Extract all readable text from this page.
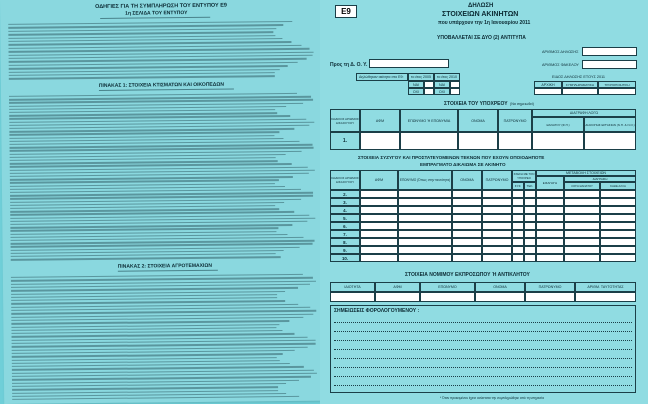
ΟΔΗΓΙΕΣ ΓΙΑ ΤΗ ΣΥΜΠΛΗΡΩΣΗ ΤΟΥ ΕΝΤΥΠΟΥ Ε9
1η ΣΕΛΙΔΑ ΤΟΥ ΕΝΤΥΠΟΥ
ΠΙΝΑΚΑΣ 1: ΣΤΟΙΧΕΙΑ ΚΤΙΣΜΑΤΩΝ ΚΑΙ ΟΙΚΟΠΕΔΩΝ
ΠΙΝΑΚΑΣ 2: ΣΤΟΙΧΕΙΑ ΑΓΡΟΤΕΜΑΧΙΩΝ
Ε9
ΔΗΛΩΣΗ
ΣΤΟΙΧΕΙΩΝ ΑΚΙΝΗΤΩΝ
που υπάρχουν την 1η Ιανουαρίου 2011
ΥΠΟΒΑΛΛΕΤΑΙ ΣΕ ΔΥΟ (2) ΑΝΤΙΤΥΠΑ
ΑΡΙΘΜΟΣ ΔΗΛΩΣΗΣ
ΑΡΙΘΜΟΣ ΦΑΚΕΛΟΥ
Προς τη Δ. Ο. Υ.
Δηλώθηκαν ακίνητα στο Ε9: το έτος 2005 το έτος 2010
ΝΑΙ	ΝΑΙ
ΟΧΙ	ΟΧΙ
ΕΙΔΟΣ ΔΗΛΩΣΗΣ ΕΤΟΥΣ 2011
ΑΡΧΙΚΗ	ΣΥΜΠΛΗΡΩΜΑΤΙΚΗ	ΤΡΟΠΟΠΟΙΗΤΙΚΗ
ΣΤΟΙΧΕΙΑ ΤΟΥ ΥΠΟΧΡΕΟΥ (Να σημειωθεί)
ΚΩΔΙΚΟΣ ΑΡΙΘΜΟΣ ΔΙΚΑΙΟΥΧΟΥ	ΑΦΜ	ΕΠΩΝΥΜΟ Ή ΕΠΩΝΥΜΙΑ	ΟΝΟΜΑ	ΠΑΤΡΩΝΥΜΟ
ΔΙΑΓΡΑΦΗ ΛΟΓΩ
ΘΑΝΑΤΟΥ (Φ.Π.)	ΔΙΑΚΟΠΗΣ ΕΡΓΑΣΙΩΝ (Ν.Π. & Ν.Ο.)
1.
ΣΤΟΙΧΕΙΑ ΣΥΖΥΓΟΥ ΚΑΙ ΠΡΟΣΤΑΤΕΥΟΜΕΝΩΝ ΤΕΚΝΩΝ ΠΟΥ ΕΧΟΥΝ ΟΠΟΙΟΔΗΠΟΤΕ
ΕΜΠΡΑΓΜΑΤΟ ΔΙΚΑΙΩΜΑ ΣΕ ΑΚΙΝΗΤΟ
ΚΩΔΙΚΟΣ ΑΡΙΘΜΟΣ ΔΙΚΑΙΟΥΧΟΥ	ΑΦΜ	ΕΠΩΝΥΜΟ (Όπως στην ταυτότητα)	ΟΝΟΜΑ	ΠΑΤΡΩΝΥΜΟ
ΣΧΕΣΗ ΜΕ ΤΟΝ ΥΠΟΧΡΕΟ
ΣΥΖ. ΤΕΚ.
ΜΕΤΑΒΟΛΗ ΣΤΟΙΧΕΙΩΝ
ΕΙΣΑΓΩΓΗ
ΔΙΑΓΡΑΦΗ
ΛΟΓΩ ΘΑΝΑΤΟΥ	ΚΑΘΕ ΑΛΛΑ
2.
3.
4.
5.
6.
7.
8.
9.
10.
ΣΤΟΙΧΕΙΑ ΝΟΜΙΜΟΥ ΕΚΠΡΟΣΩΠΟΥ Ή ΑΝΤΙΚΛΗΤΟΥ
ΙΔΙΟΤΗΤΑ	ΑΦΜ	ΕΠΩΝΥΜΟ	ΟΝΟΜΑ	ΠΑΤΡΩΝΥΜΟ	ΑΡΙΘΜ. ΤΑΥΤΟΤΗΤΑΣ
ΣΗΜΕΙΩΣΕΙΣ ΦΟΡΟΛΟΓΟΥΜΕΝΟΥ :
* Όταν προκειμένου έχετε ασύστατα την συμπληρώθηκε από τη υπηρεσία
